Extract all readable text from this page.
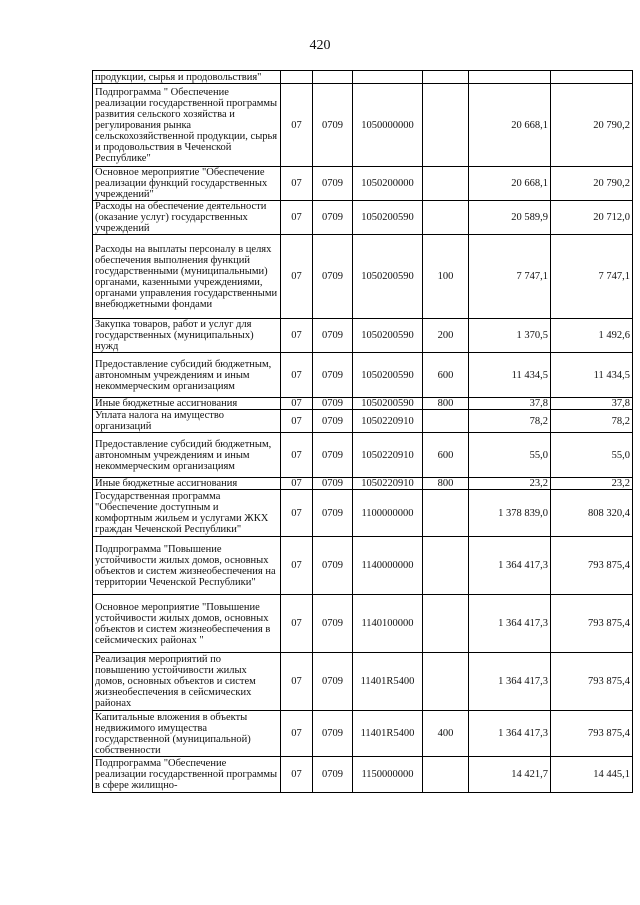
420
продукции, сырья и продовольствия"						
Подпрограмма " Обеспечение реализации государственной программы развития сельского хозяйства и регулирования рынка сельскохозяйственной продукции, сырья и продовольствия в Чеченской Республике"	07	0709	1050000000		20 668,1	20 790,2
Основное мероприятие "Обеспечение реализации функций государственных учреждений"	07	0709	1050200000		20 668,1	20 790,2
Расходы на обеспечение деятельности (оказание услуг) государственных учреждений	07	0709	1050200590		20 589,9	20 712,0
Расходы на выплаты персоналу в целях обеспечения выполнения функций государственными (муниципальными) органами, казенными учреждениями, органами управления государственными внебюджетными фондами	07	0709	1050200590	100	7 747,1	7 747,1
Закупка товаров, работ и услуг для государственных (муниципальных) нужд	07	0709	1050200590	200	1 370,5	1 492,6
Предоставление субсидий бюджетным, автономным учреждениям и иным некоммерческим организациям	07	0709	1050200590	600	11 434,5	11 434,5
Иные бюджетные ассигнования	07	0709	1050200590	800	37,8	37,8
Уплата налога на имущество организаций	07	0709	1050220910		78,2	78,2
Предоставление субсидий бюджетным, автономным учреждениям и иным некоммерческим организациям	07	0709	1050220910	600	55,0	55,0
Иные бюджетные ассигнования	07	0709	1050220910	800	23,2	23,2
Государственная программа "Обеспечение доступным и комфортным жильем и услугами ЖКХ граждан Чеченской Республики"	07	0709	1100000000		1 378 839,0	808 320,4
Подпрограмма "Повышение устойчивости жилых домов, основных объектов и систем жизнеобеспечения на территории Чеченской Республики"	07	0709	1140000000		1 364 417,3	793 875,4
Основное мероприятие "Повышение устойчивости жилых домов, основных объектов и систем жизнеобеспечения в сейсмических районах "	07	0709	1140100000		1 364 417,3	793 875,4
Реализация мероприятий по повышению устойчивости жилых домов, основных объектов и систем жизнеобеспечения в сейсмических районах	07	0709	11401R5400		1 364 417,3	793 875,4
Капитальные вложения в объекты недвижимого имущества государственной (муниципальной) собственности	07	0709	11401R5400	400	1 364 417,3	793 875,4
Подпрограмма "Обеспечение реализации государственной программы в сфере жилищно-	07	0709	1150000000		14 421,7	14 445,1
